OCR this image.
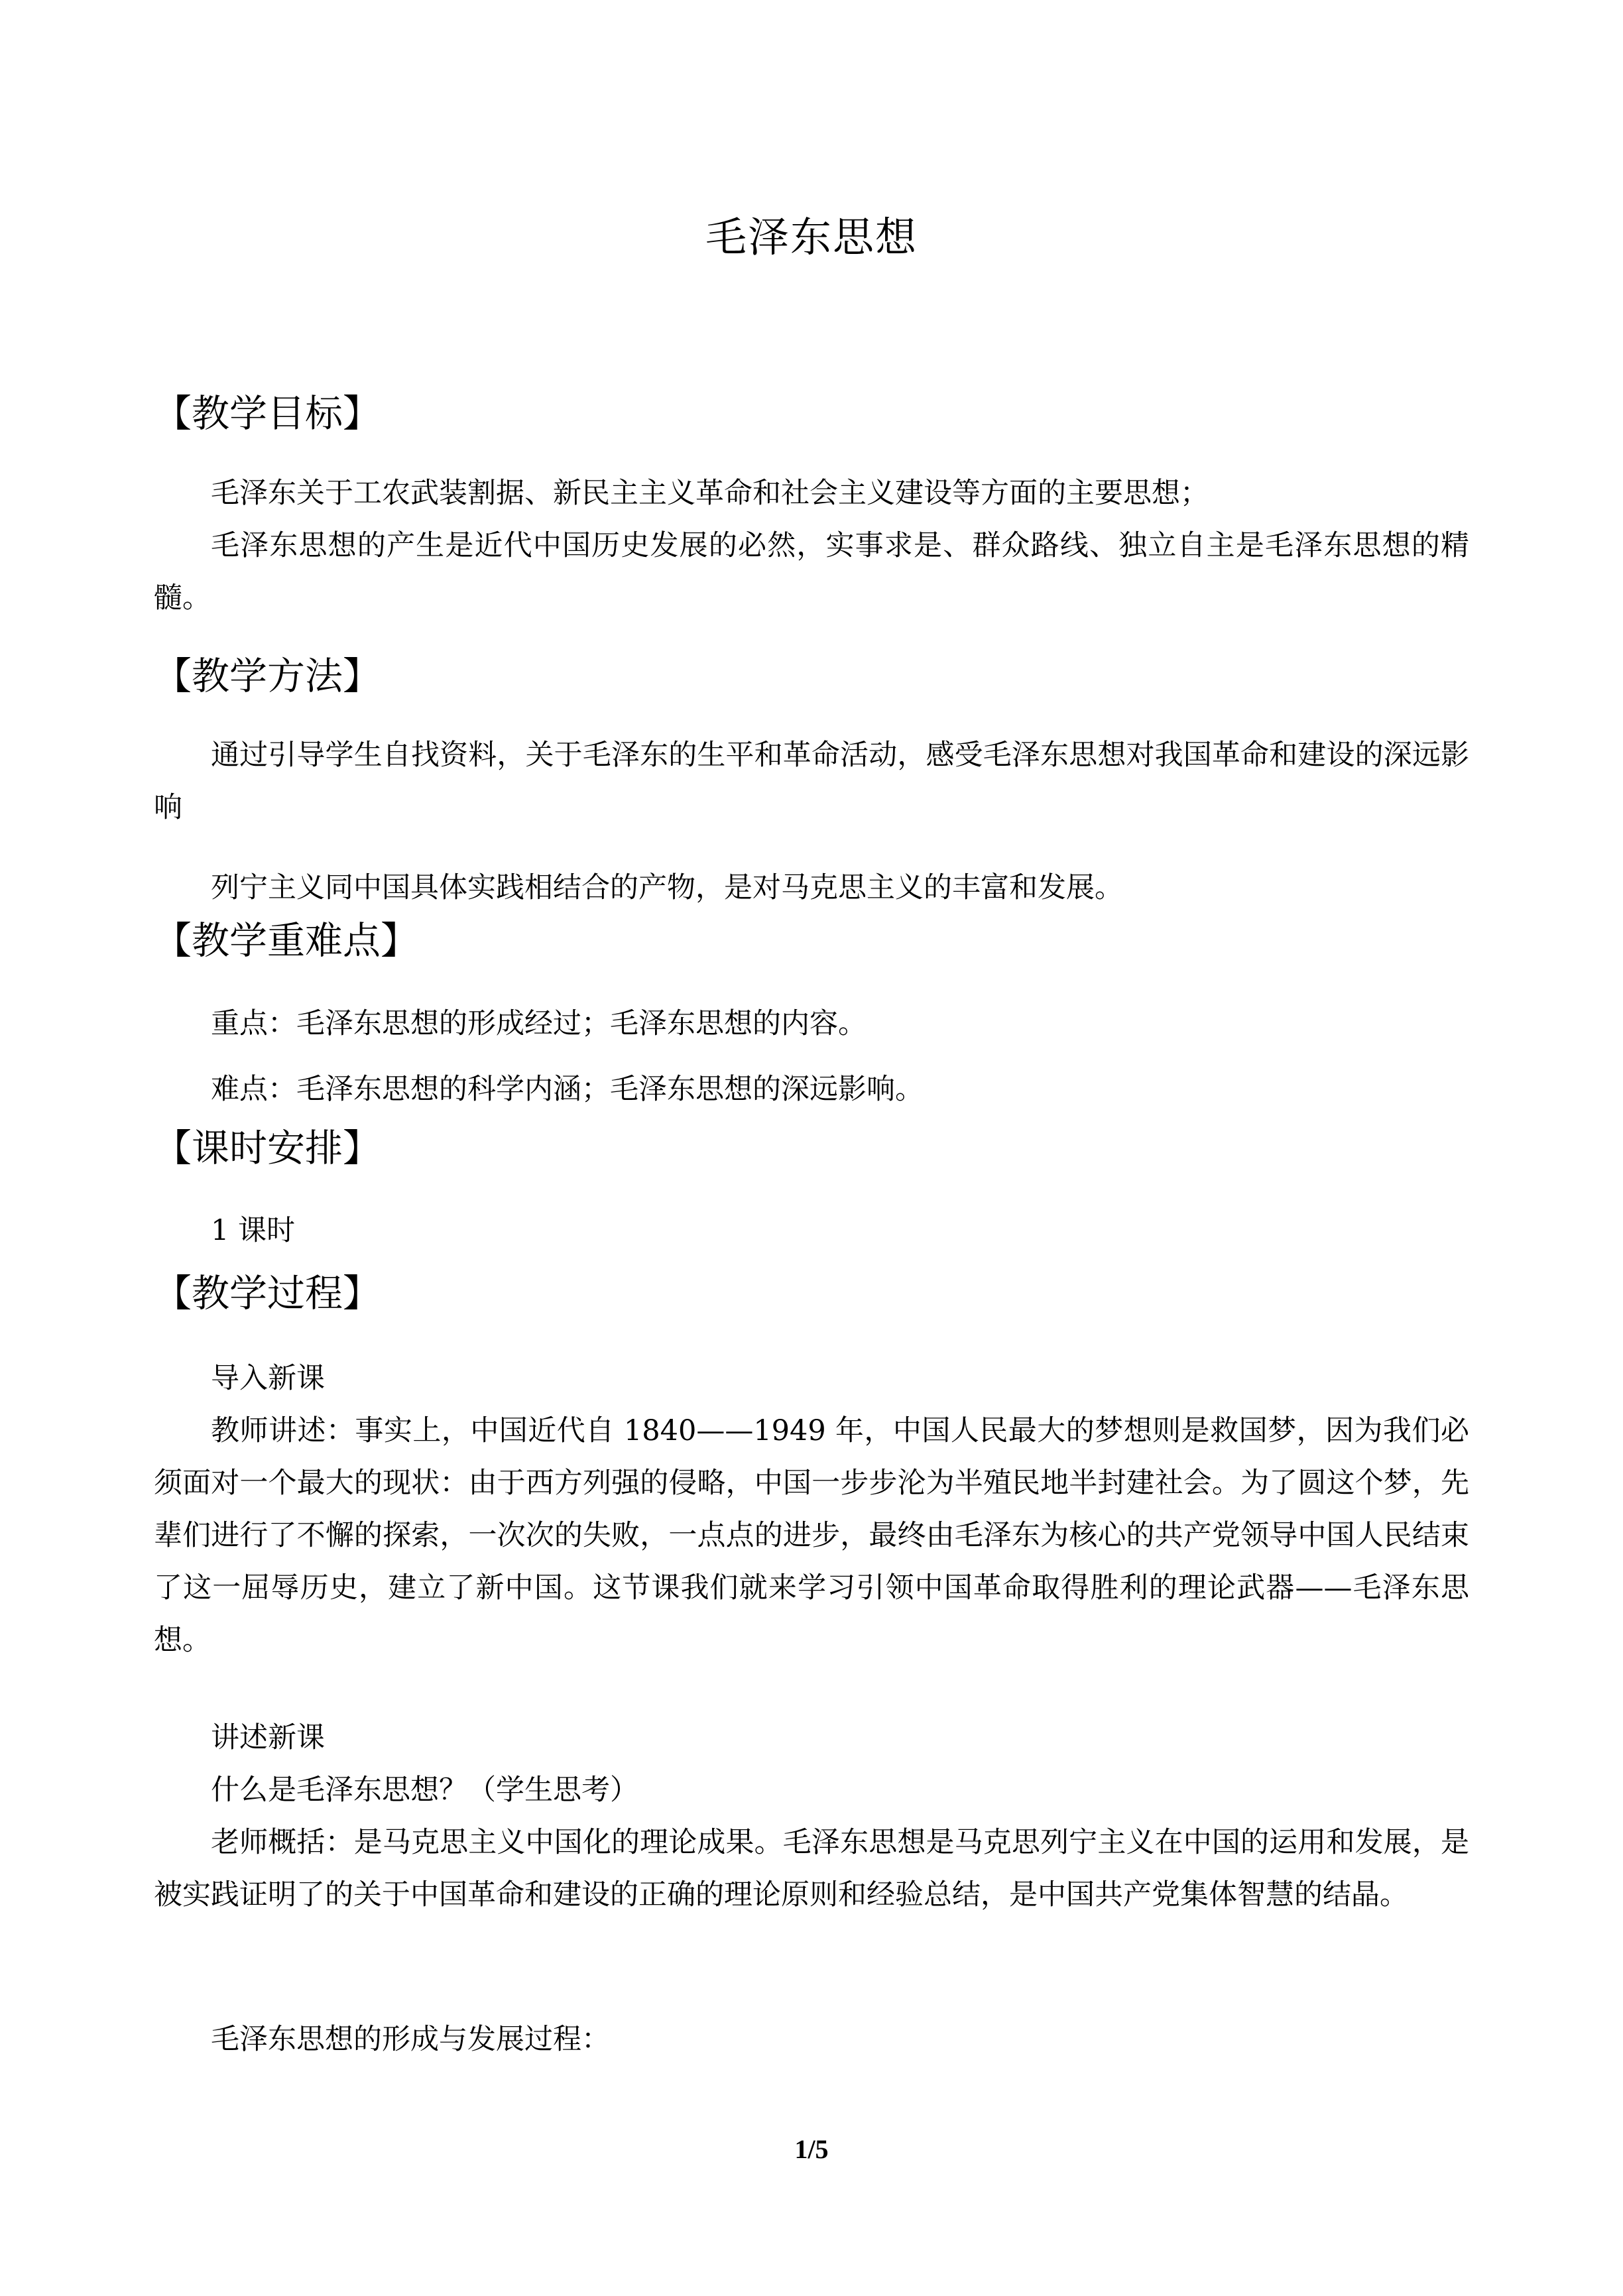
毛泽东思想
【教学目标】

毛泽东关于工农武装割据、新民主主义革命和社会主义建设等方面的主要思想；

毛泽东思想的产生是近代中国历史发展的必然，实事求是、群众路线、独立自主是毛泽东思想的精髓。

【教学方法】

通过引导学生自找资料，关于毛泽东的生平和革命活动，感受毛泽东思想对我国革命和建设的深远影响

列宁主义同中国具体实践相结合的产物，是对马克思主义的丰富和发展。

【教学重难点】

重点：毛泽东思想的形成经过；毛泽东思想的内容。

难点：毛泽东思想的科学内涵；毛泽东思想的深远影响。

【课时安排】

1 课时

【教学过程】

导入新课

教师讲述：事实上，中国近代自 1840——1949 年，中国人民最大的梦想则是救国梦，因为我们必须面对一个最大的现状：由于西方列强的侵略，中国一步步沦为半殖民地半封建社会。为了圆这个梦，先辈们进行了不懈的探索，一次次的失败，一点点的进步，最终由毛泽东为核心的共产党领导中国人民结束了这一屈辱历史，建立了新中国。这节课我们就来学习引领中国革命取得胜利的理论武器——毛泽东思想。

讲述新课

什么是毛泽东思想？（学生思考）

老师概括：是马克思主义中国化的理论成果。毛泽东思想是马克思列宁主义在中国的运用和发展，是被实践证明了的关于中国革命和建设的正确的理论原则和经验总结，是中国共产党集体智慧的结晶。

毛泽东思想的形成与发展过程：

1/5
